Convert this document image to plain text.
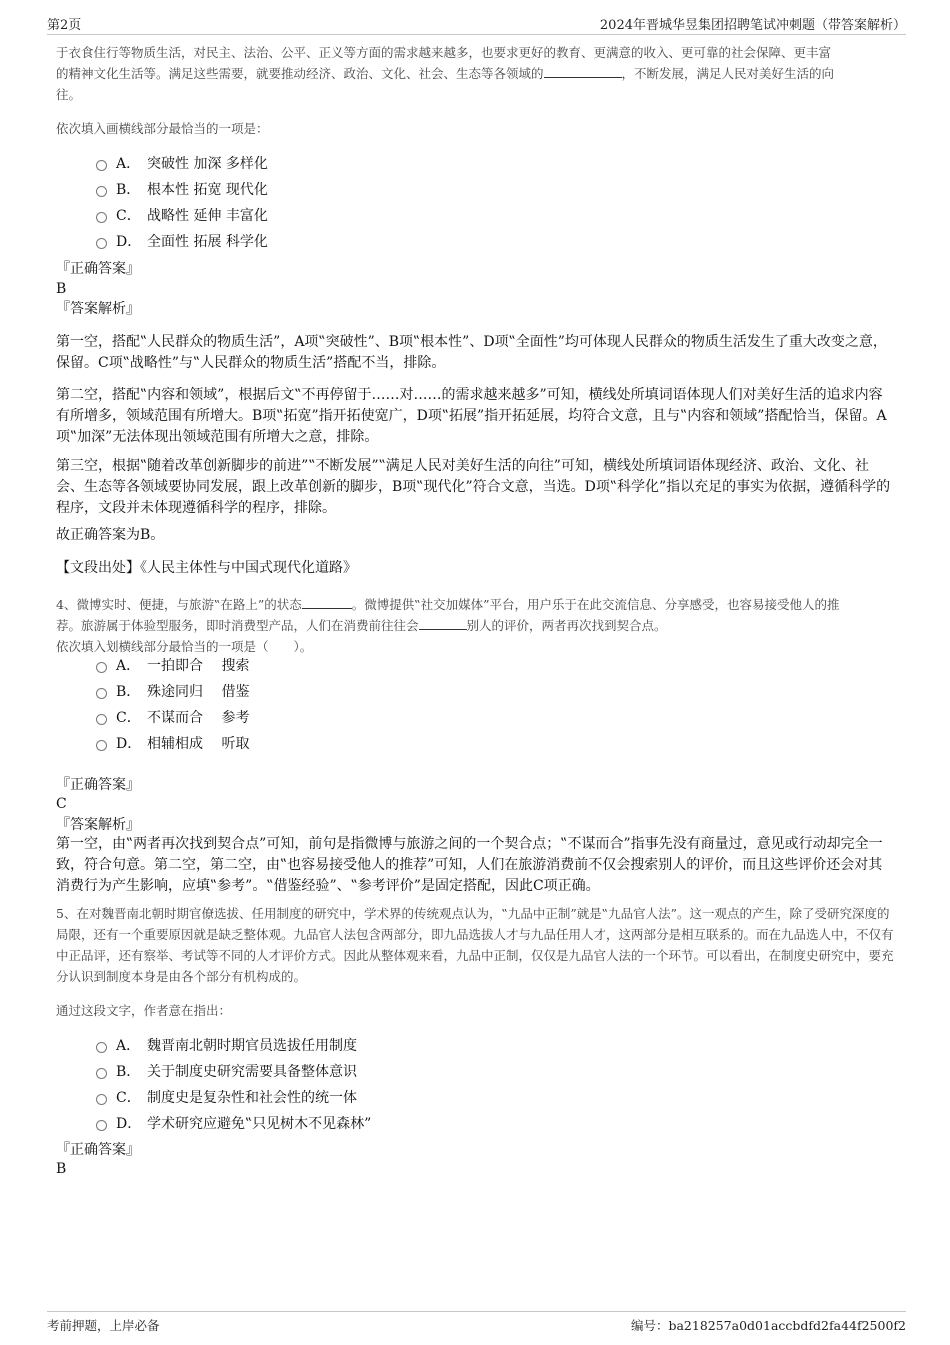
第2页	2024年晋城华昱集团招聘笔试冲刺题（带答案解析）
于衣食住行等物质生活，对民主、法治、公平、正义等方面的需求越来越多，也要求更好的教育、更满意的收入、更可靠的社会保障、更丰富
的精神文化生活等。满足这些需要，就要推动经济、政治、文化、社会、生态等各领域的	，不断发展，满足人民对美好生活的向
往。
依次填入画横线部分最恰当的一项是：
A． 突破性 加深 多样化
B． 根本性 拓宽 现代化
C． 战略性 延伸 丰富化
D． 全面性 拓展 科学化
『正确答案』
B
『答案解析』

第一空，搭配‟人民群众的物质生活”，A项‟突破性”、B项‟根本性”、D项‟全面性”均可体现人民群众的物质生活发生了重大改变之意，保留。C项‟战略性”与‟人民群众的物质生活”搭配不当，排除。

第二空，搭配‟内容和领域”，根据后文‟不再停留于……对……的需求越来越多”可知，横线处所填词语体现人们对美好生活的追求内容有所增多，领域范围有所增大。B项‟拓宽”指开拓使宽广，D项‟拓展”指开拓延展，均符合文意，且与‟内容和领域”搭配恰当，保留。A项‟加深”无法体现出领域范围有所增大之意，排除。

第三空，根据‟随着改革创新脚步的前进”‟不断发展”‟满足人民对美好生活的向往”可知，横线处所填词语体现经济、政治、文化、社会、生态等各领域要协同发展，跟上改革创新的脚步，B项‟现代化”符合文意，当选。D项‟科学化”指以充足的事实为依据，遵循科学的程序，文段并未体现遵循科学的程序，排除。

故正确答案为B。

【文段出处】《人民主体性与中国式现代化道路》

4、微博实时、便捷，与旅游‟在路上”的状态	。微博提供‟社交加媒体”平台，用户乐于在此交流信息、分享感受，也容易接受他人的推
荐。旅游属于体验型服务，即时消费型产品，人们在消费前往往会	别人的评价，两者再次找到契合点。
依次填入划横线部分最恰当的一项是（　　）。
A． 一拍即合　 搜索
B． 殊途同归　 借鉴
C． 不谋而合　 参考
D． 相辅相成　 听取
『正确答案』
C
『答案解析』

第一空，由‟两者再次找到契合点”可知，前句是指微博与旅游之间的一个契合点；‟不谋而合”指事先没有商量过，意见或行动却完全一致，符合句意。第二空，第二空，由‟也容易接受他人的推荐”可知，人们在旅游消费前不仅会搜索别人的评价，而且这些评价还会对其消费行为产生影响，应填‟参考”。‟借鉴经验”、‟参考评价”是固定搭配，因此C项正确。

5、在对魏晋南北朝时期官僚选拔、任用制度的研究中，学术界的传统观点认为，‟九品中正制”就是‟九品官人法”。这一观点的产生，除了受研究深度的局限，还有一个重要原因就是缺乏整体观。九品官人法包含两部分，即九品选拔人才与九品任用人才，这两部分是相互联系的。而在九品选人中，不仅有中正品评，还有察举、考试等不同的人才评价方式。因此从整体观来看，九品中正制，仅仅是九品官人法的一个环节。可以看出，在制度史研究中，要充分认识到制度本身是由各个部分有机构成的。

通过这段文字，作者意在指出：

A． 魏晋南北朝时期官员选拔任用制度
B． 关于制度史研究需要具备整体意识
C． 制度史是复杂性和社会性的统一体
D． 学术研究应避免‟只见树木不见森林”
『正确答案』
B
考前押题，上岸必备	编号：ba218257a0d01accbdfd2fa44f2500f2
